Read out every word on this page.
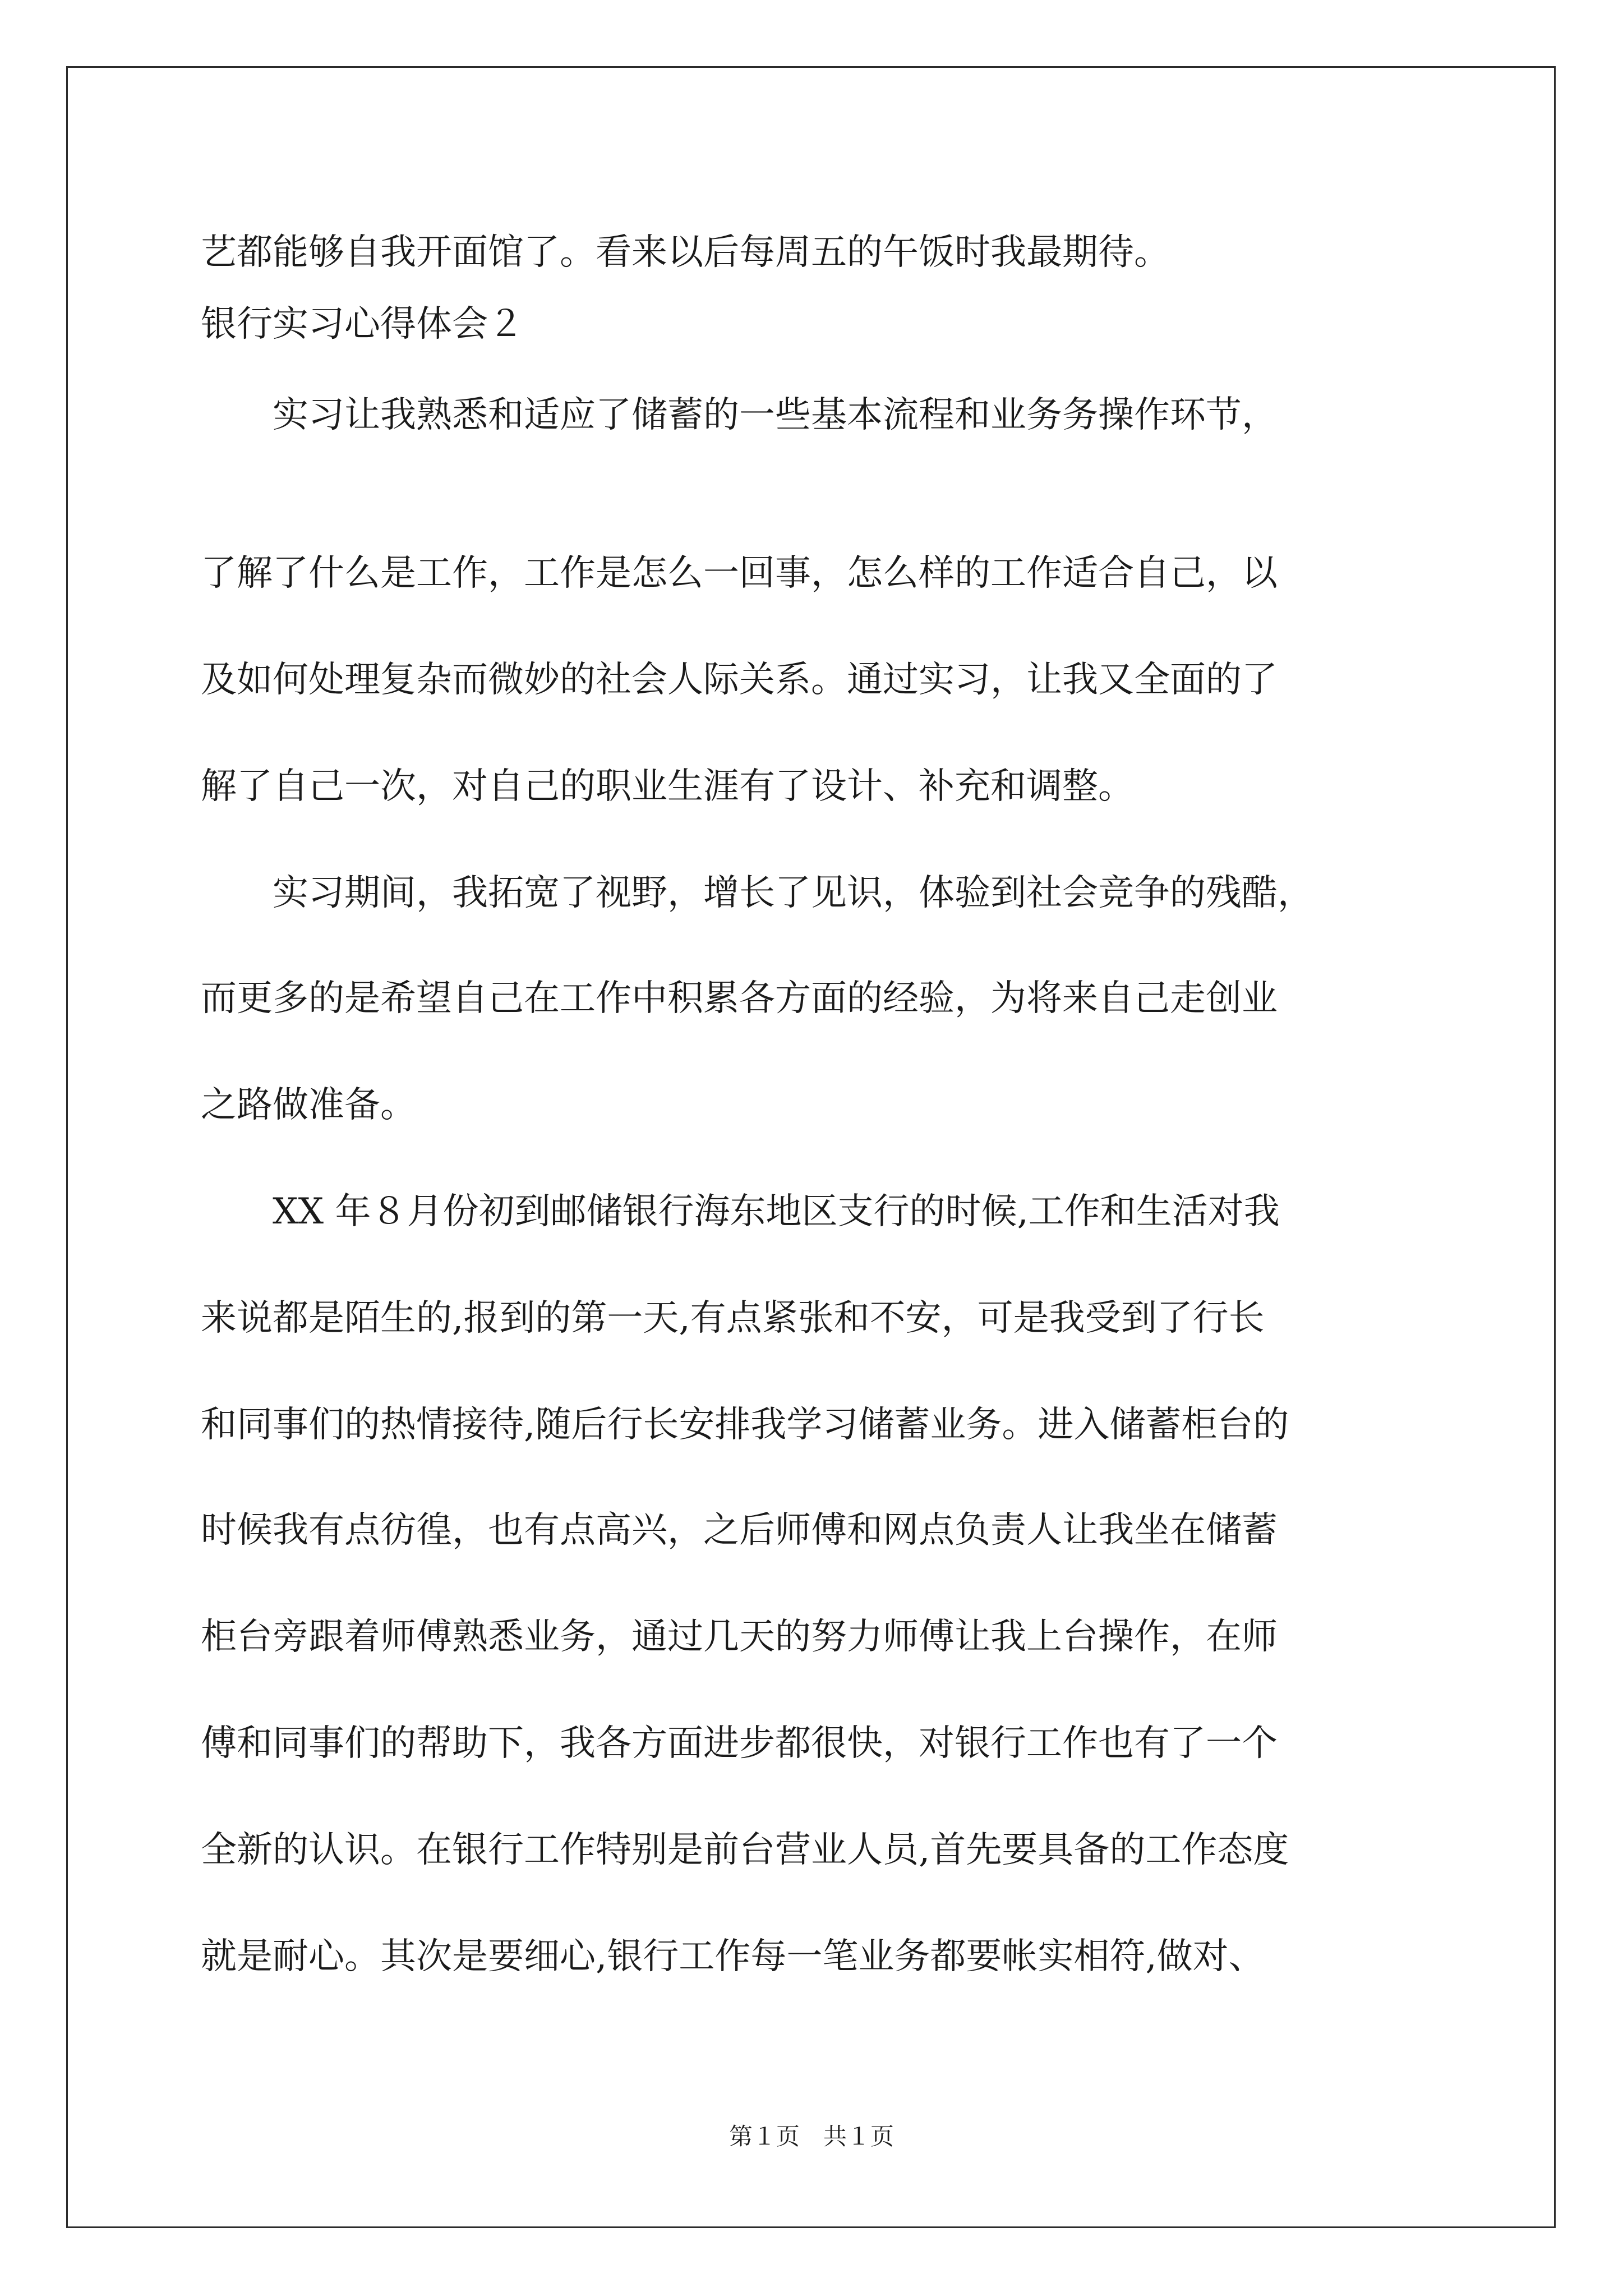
艺都能够自我开面馆了。看来以后每周五的午饭时我最期待。
银行实习心得体会２
　　实习让我熟悉和适应了储蓄的一些基本流程和业务务操作环节，
了解了什么是工作，工作是怎么一回事，怎么样的工作适合自己，以
及如何处理复杂而微妙的社会人际关系。通过实习，让我又全面的了
解了自己一次，对自己的职业生涯有了设计、补充和调整。
　　实习期间，我拓宽了视野，增长了见识，体验到社会竞争的残酷，
而更多的是希望自己在工作中积累各方面的经验，为将来自己走创业
之路做准备。
　　XX 年８月份初到邮储银行海东地区支行的时候,工作和生活对我
来说都是陌生的,报到的第一天,有点紧张和不安，可是我受到了行长
和同事们的热情接待,随后行长安排我学习储蓄业务。进入储蓄柜台的
时候我有点彷徨，也有点高兴，之后师傅和网点负责人让我坐在储蓄
柜台旁跟着师傅熟悉业务，通过几天的努力师傅让我上台操作，在师
傅和同事们的帮助下，我各方面进步都很快，对银行工作也有了一个
全新的认识。在银行工作特别是前台营业人员,首先要具备的工作态度
就是耐心。其次是要细心,银行工作每一笔业务都要帐实相符,做对、
第１页　共１页
